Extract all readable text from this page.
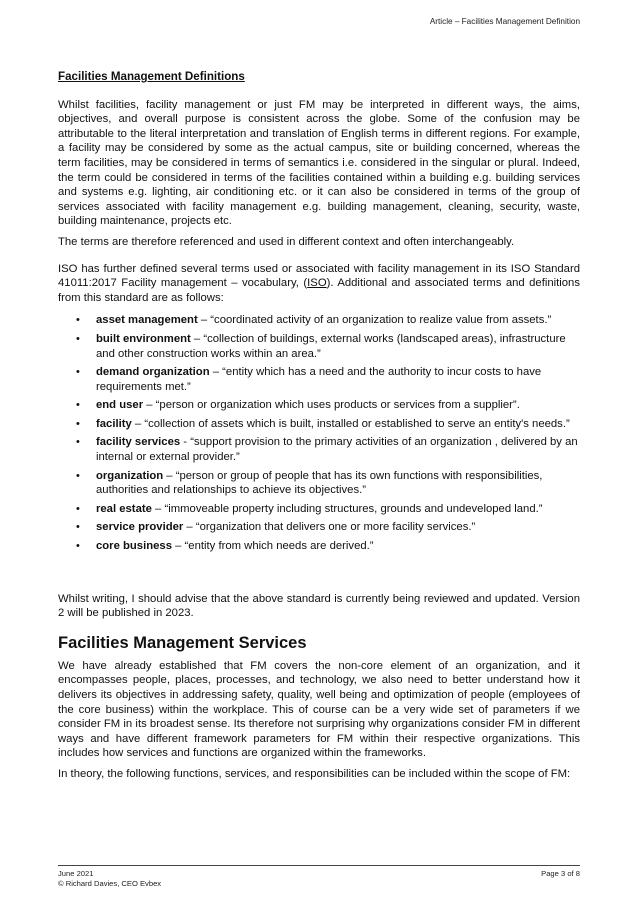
Article – Facilities Management Definition
Facilities Management Definitions

Whilst facilities, facility management or just FM may be interpreted in different ways, the aims, objectives, and overall purpose is consistent across the globe. Some of the confusion may be attributable to the literal interpretation and translation of English terms in different regions. For example, a facility may be considered by some as the actual campus, site or building concerned, whereas the term facilities, may be considered in terms of semantics i.e. considered in the singular or plural. Indeed, the term could be considered in terms of the facilities contained within a building e.g. building services and systems e.g. lighting, air conditioning etc. or it can also be considered in terms of the group of services associated with facility management e.g. building management, cleaning, security, waste, building maintenance, projects etc.

The terms are therefore referenced and used in different context and often interchangeably.

ISO has further defined several terms used or associated with facility management in its ISO Standard 41011:2017 Facility management – vocabulary, (ISO). Additional and associated terms and definitions from this standard are as follows:

• asset management – “coordinated activity of an organization to realize value from assets.”
• built environment – “collection of buildings, external works (landscaped areas), infrastructure and other construction works within an area.”
• demand organization – “entity which has a need and the authority to incur costs to have requirements met.”
• end user – “person or organization which uses products or services from a supplier”.
• facility – “collection of assets which is built, installed or established to serve an entity's needs.”
• facility services - “support provision to the primary activities of an organization , delivered by an internal or external provider.”
• organization – “person or group of people that has its own functions with responsibilities, authorities and relationships to achieve its objectives.”
• real estate – “immoveable property including structures, grounds and undeveloped land.”
• service provider – “organization that delivers one or more facility services.”
• core business – “entity from which needs are derived.”

Whilst writing, I should advise that the above standard is currently being reviewed and updated. Version 2 will be published in 2023.

Facilities Management Services

We have already established that FM covers the non-core element of an organization, and it encompasses people, places, processes, and technology, we also need to better understand how it delivers its objectives in addressing safety, quality, well being and optimization of people (employees of the core business) within the workplace. This of course can be a very wide set of parameters if we consider FM in its broadest sense. Its therefore not surprising why organizations consider FM in different ways and have different framework parameters for FM within their respective organizations. This includes how services and functions are organized within the frameworks.

In theory, the following functions, services, and responsibilities can be included within the scope of FM:

June 2021
© Richard Davies, CEO Evbex
Page 3 of 8
